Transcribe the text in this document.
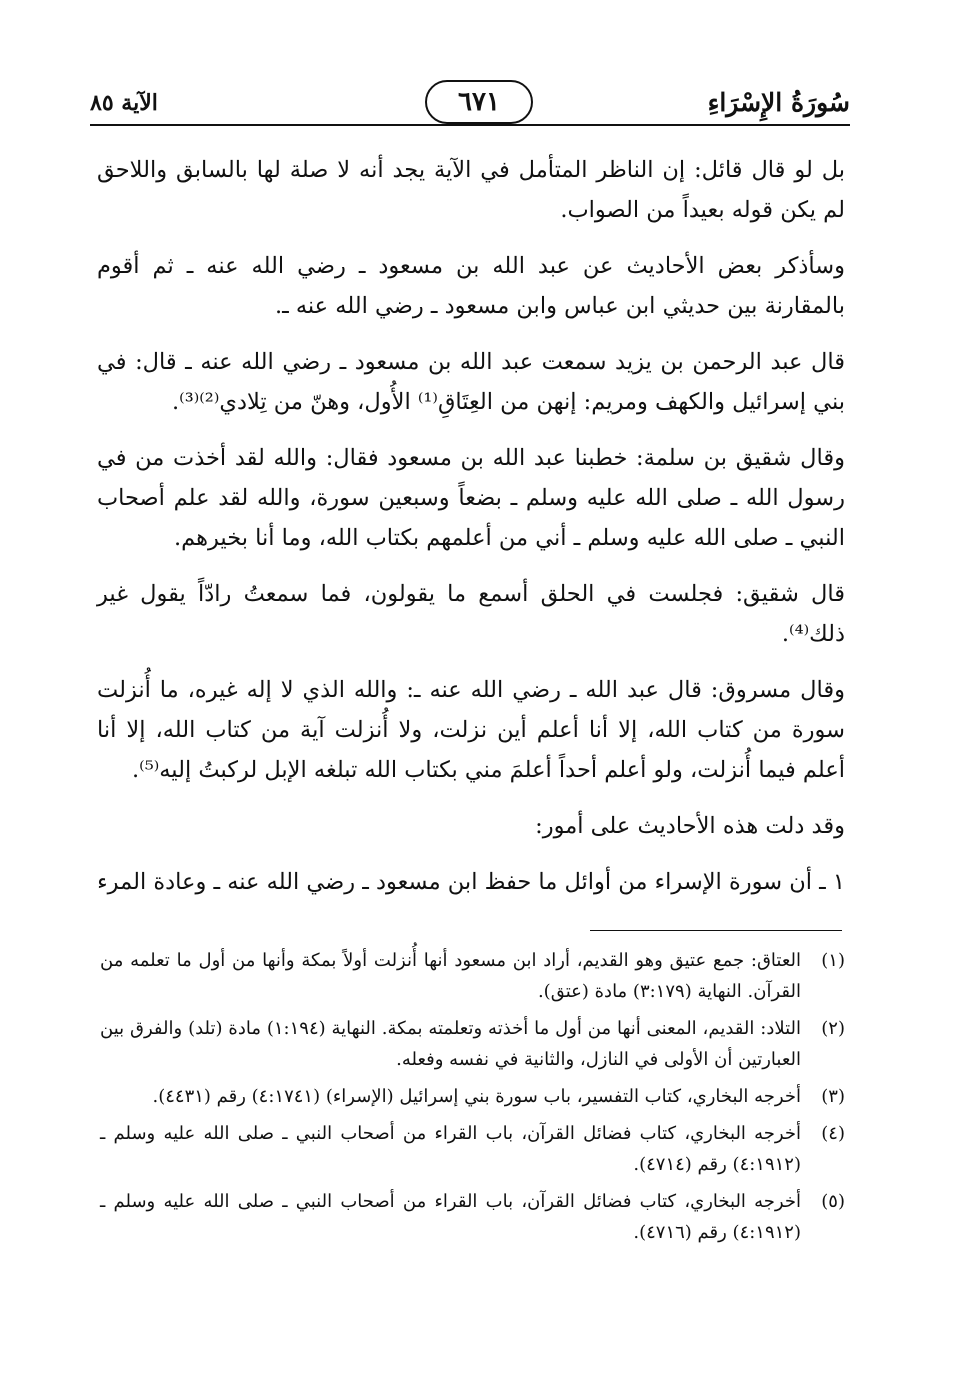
سُورَةُ الإِسْرَاءِ
٦٧١
الآية ٨٥

بل لو قال قائل: إن الناظر المتأمل في الآية يجد أنه لا صلة لها بالسابق واللاحق لم يكن قوله بعيداً من الصواب.

وسأذكر بعض الأحاديث عن عبد الله بن مسعود ـ رضي الله عنه ـ ثم أقوم بالمقارنة بين حديثي ابن عباس وابن مسعود ـ رضي الله عنه ـ.

قال عبد الرحمن بن يزيد سمعت عبد الله بن مسعود ـ رضي الله عنه ـ قال: في بني إسرائيل والكهف ومريم: إنهن من العِتَاقِ⁽¹⁾ الأُول، وهنّ من تِلادي⁽²⁾⁽³⁾.

وقال شقيق بن سلمة: خطبنا عبد الله بن مسعود فقال: والله لقد أخذت من في رسول الله ـ صلى الله عليه وسلم ـ بضعاً وسبعين سورة، والله لقد علم أصحاب النبي ـ صلى الله عليه وسلم ـ أني من أعلمهم بكتاب الله، وما أنا بخيرهم.

قال شقيق: فجلست في الحلق أسمع ما يقولون، فما سمعتُ رادّاً يقول غير ذلك⁽⁴⁾.

وقال مسروق: قال عبد الله ـ رضي الله عنه ـ: والله الذي لا إله غيره، ما أُنزلت سورة من كتاب الله، إلا أنا أعلم أين نزلت، ولا أُنزلت آية من كتاب الله، إلا أنا أعلم فيما أُنزلت، ولو أعلم أحداً أعلمَ مني بكتاب الله تبلغه الإبل لركبتُ إليه⁽⁵⁾.

وقد دلت هذه الأحاديث على أمور:

١ ـ أن سورة الإسراء من أوائل ما حفظ ابن مسعود ـ رضي الله عنه ـ وعادة المرء

(١)
العتاق: جمع عتيق وهو القديم، أراد ابن مسعود أنها أُنزلت أولاً بمكة وأنها من أول ما تعلمه من القرآن. النهاية (٣:١٧٩) مادة (عتق).
(٢)
التلاد: القديم، المعنى أنها من أول ما أخذته وتعلمته بمكة. النهاية (١:١٩٤) مادة (تلد) والفرق بين العبارتين أن الأولى في النازل، والثانية في نفسه وفعله.
(٣)
أخرجه البخاري، كتاب التفسير، باب سورة بني إسرائيل (الإسراء) (٤:١٧٤١) رقم (٤٤٣١).
(٤)
أخرجه البخاري، كتاب فضائل القرآن، باب القراء من أصحاب النبي ـ صلى الله عليه وسلم ـ (٤:١٩١٢) رقم (٤٧١٤).
(٥)
أخرجه البخاري، كتاب فضائل القرآن، باب القراء من أصحاب النبي ـ صلى الله عليه وسلم ـ (٤:١٩١٢) رقم (٤٧١٦).
